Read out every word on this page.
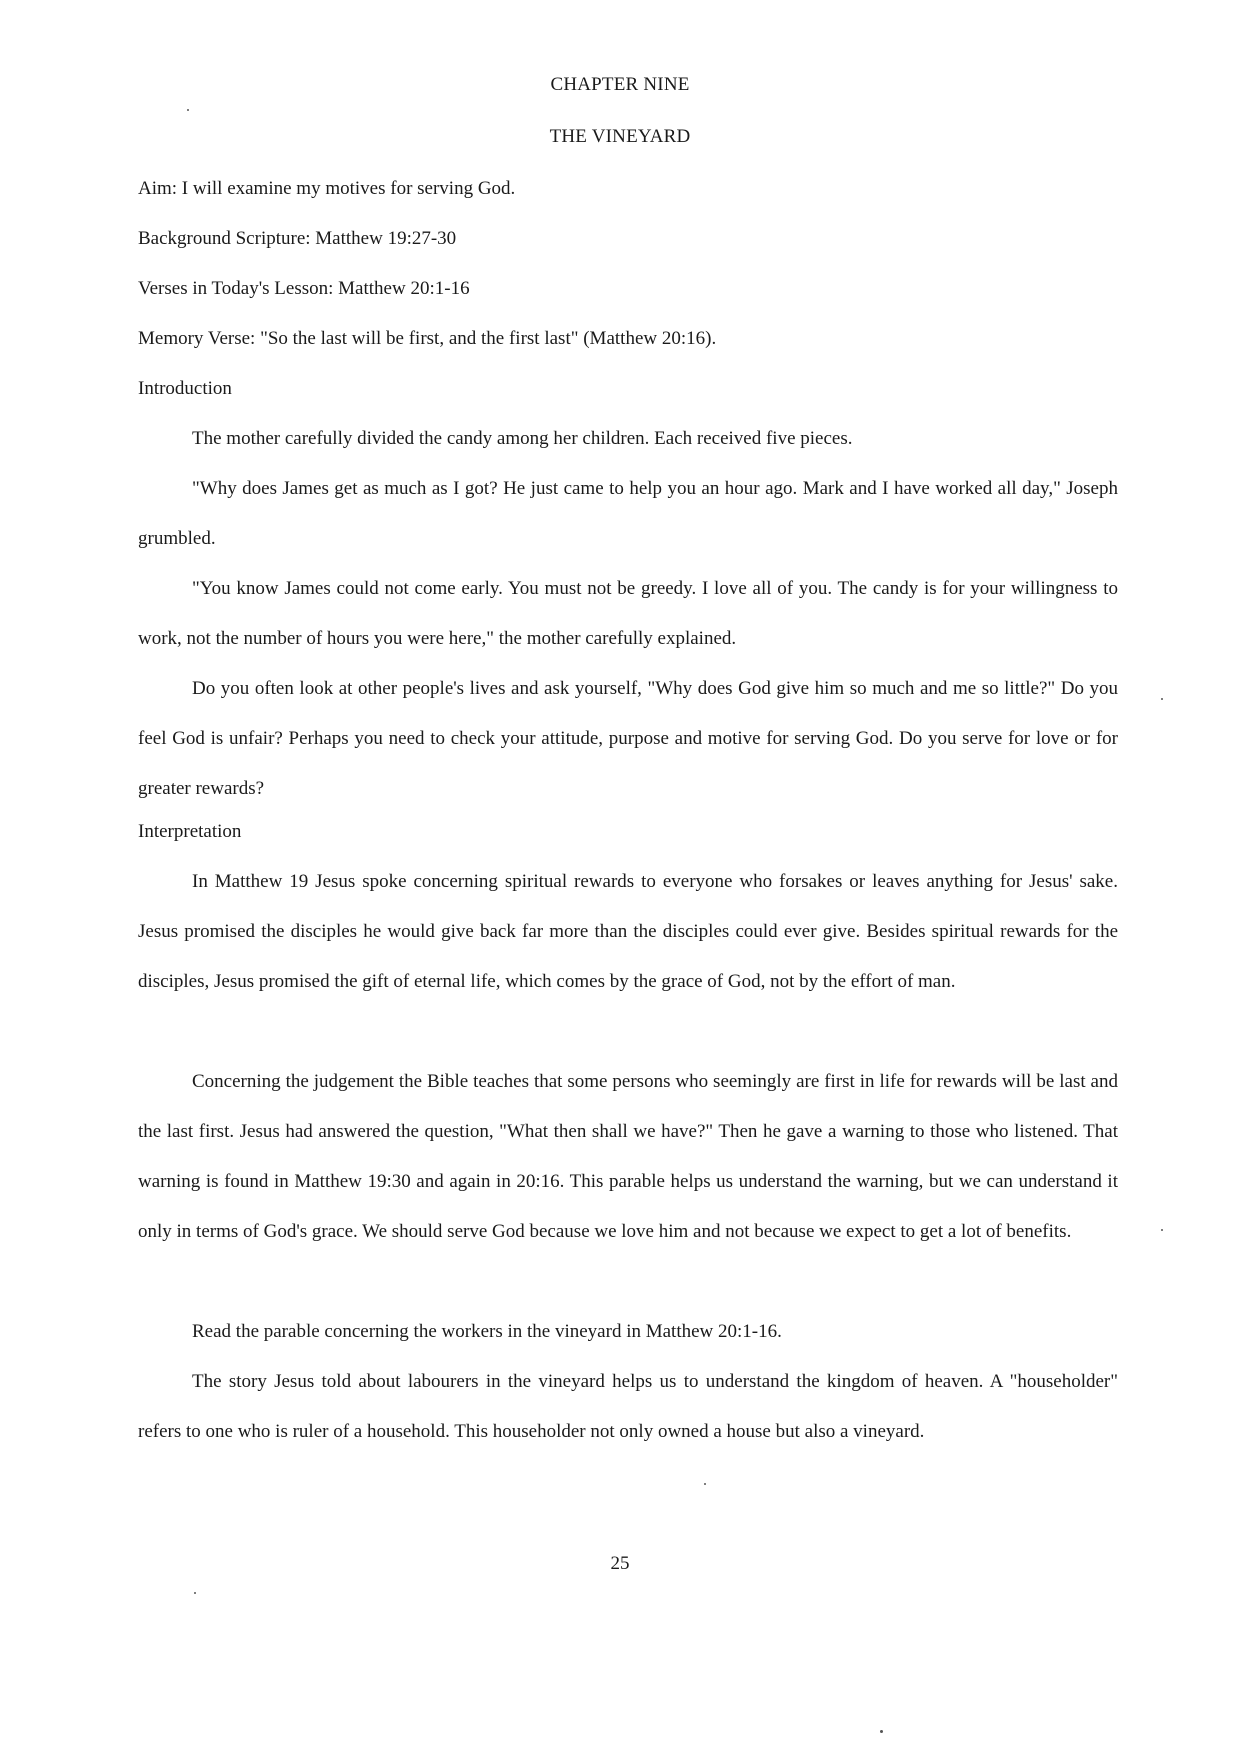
CHAPTER NINE
THE VINEYARD
Aim: I will examine my motives for serving God.
Background Scripture: Matthew 19:27-30
Verses in Today's Lesson: Matthew 20:1-16
Memory Verse: "So the last will be first, and the first last" (Matthew 20:16).
Introduction

The mother carefully divided the candy among her children. Each received five pieces.

"Why does James get as much as I got? He just came to help you an hour ago. Mark and I have worked all day," Joseph grumbled.

"You know James could not come early. You must not be greedy. I love all of you. The candy is for your willingness to work, not the number of hours you were here," the mother carefully explained.

Do you often look at other people's lives and ask yourself, "Why does God give him so much and me so little?" Do you feel God is unfair? Perhaps you need to check your attitude, purpose and motive for serving God. Do you serve for love or for greater rewards?

Interpretation

In Matthew 19 Jesus spoke concerning spiritual rewards to everyone who forsakes or leaves anything for Jesus' sake. Jesus promised the disciples he would give back far more than the disciples could ever give. Besides spiritual rewards for the disciples, Jesus promised the gift of eternal life, which comes by the grace of God, not by the effort of man.

Concerning the judgement the Bible teaches that some persons who seemingly are first in life for rewards will be last and the last first. Jesus had answered the question, "What then shall we have?" Then he gave a warning to those who listened. That warning is found in Matthew 19:30 and again in 20:16. This parable helps us understand the warning, but we can understand it only in terms of God's grace. We should serve God because we love him and not because we expect to get a lot of benefits.

Read the parable concerning the workers in the vineyard in Matthew 20:1-16.

The story Jesus told about labourers in the vineyard helps us to understand the kingdom of heaven. A "householder" refers to one who is ruler of a household. This householder not only owned a house but also a vineyard.

25
